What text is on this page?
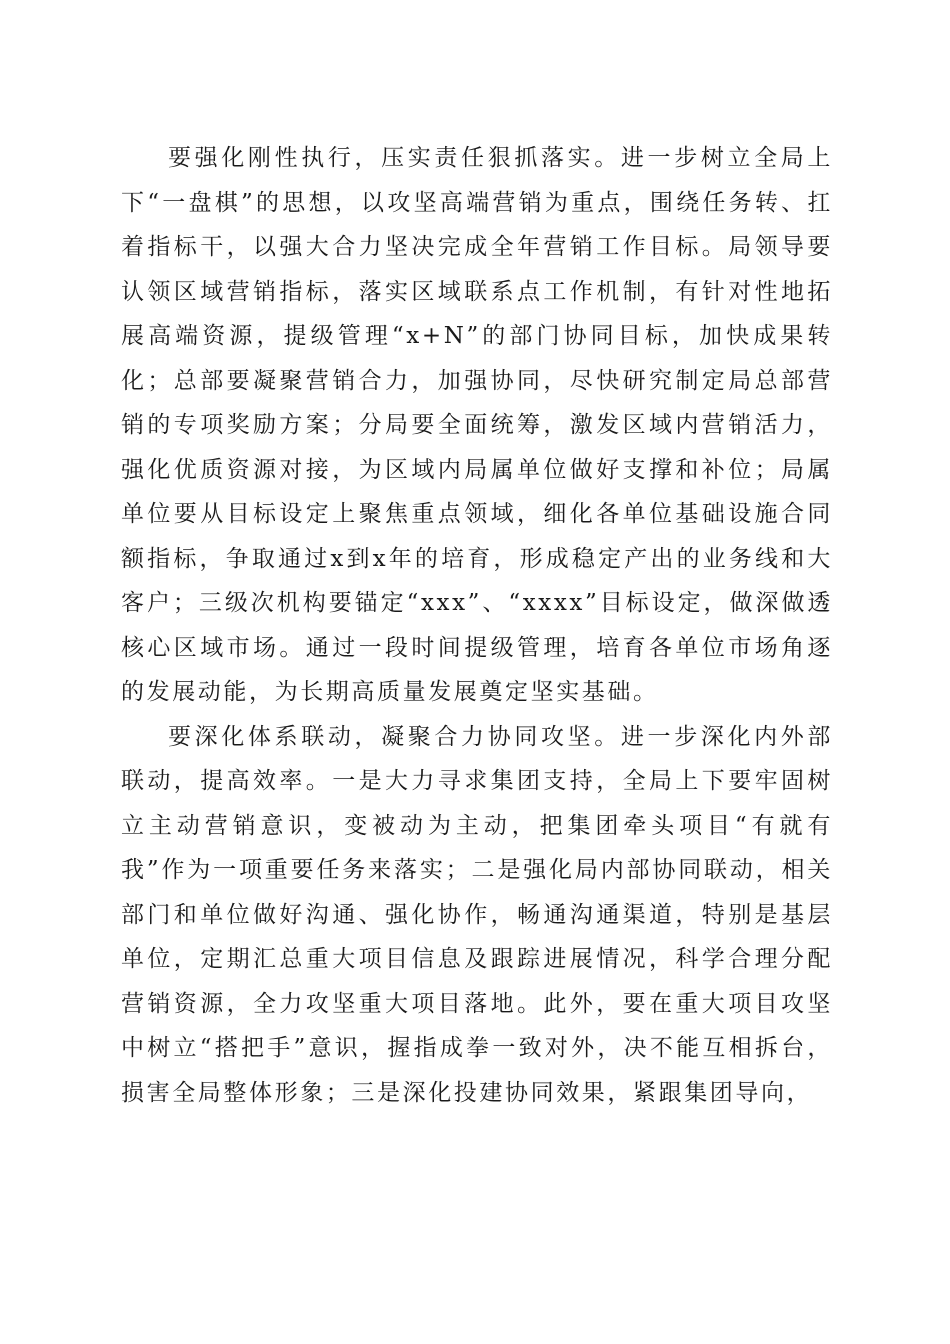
要强化刚性执行，压实责任狠抓落实。进一步树立全局上下“一盘棋”的思想，以攻坚高端营销为重点，围绕任务转、扛着指标干，以强大合力坚决完成全年营销工作目标。局领导要认领区域营销指标，落实区域联系点工作机制，有针对性地拓展高端资源，提级管理“x+N”的部门协同目标，加快成果转化；总部要凝聚营销合力，加强协同，尽快研究制定局总部营销的专项奖励方案；分局要全面统筹，激发区域内营销活力，强化优质资源对接，为区域内局属单位做好支撑和补位；局属单位要从目标设定上聚焦重点领域，细化各单位基础设施合同额指标，争取通过x到x年的培育，形成稳定产出的业务线和大客户；三级次机构要锚定“xxx”、“xxxx”目标设定，做深做透核心区域市场。通过一段时间提级管理，培育各单位市场角逐的发展动能，为长期高质量发展奠定坚实基础。

要深化体系联动，凝聚合力协同攻坚。进一步深化内外部联动，提高效率。一是大力寻求集团支持，全局上下要牢固树立主动营销意识，变被动为主动，把集团牵头项目“有就有我”作为一项重要任务来落实；二是强化局内部协同联动，相关部门和单位做好沟通、强化协作，畅通沟通渠道，特别是基层单位，定期汇总重大项目信息及跟踪进展情况，科学合理分配营销资源，全力攻坚重大项目落地。此外，要在重大项目攻坚中树立“搭把手”意识，握指成拳一致对外，决不能互相拆台，损害全局整体形象；三是深化投建协同效果，紧跟集团导向，
